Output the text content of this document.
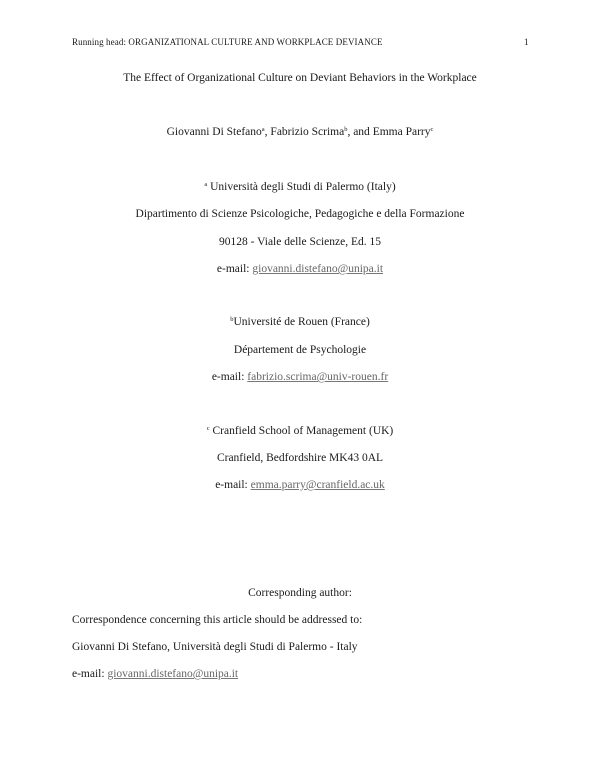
Running head: ORGANIZATIONAL CULTURE AND WORKPLACE DEVIANCE	1
The Effect of Organizational Culture on Deviant Behaviors in the Workplace
Giovanni Di Stefano$^a$, Fabrizio Scrima$^b$, and Emma Parry$^c$
$^a$ Università degli Studi di Palermo (Italy)
Dipartimento di Scienze Psicologiche, Pedagogiche e della Formazione
90128 - Viale delle Scienze, Ed. 15
e-mail: giovanni.distefano@unipa.it
$^b$Université de Rouen (France)
Département de Psychologie
e-mail: fabrizio.scrima@univ-rouen.fr
$^c$ Cranfield School of Management (UK)
Cranfield, Bedfordshire MK43 0AL
e-mail: emma.parry@cranfield.ac.uk
Corresponding author:
Correspondence concerning this article should be addressed to:
Giovanni Di Stefano, Università degli Studi di Palermo - Italy
e-mail: giovanni.distefano@unipa.it
